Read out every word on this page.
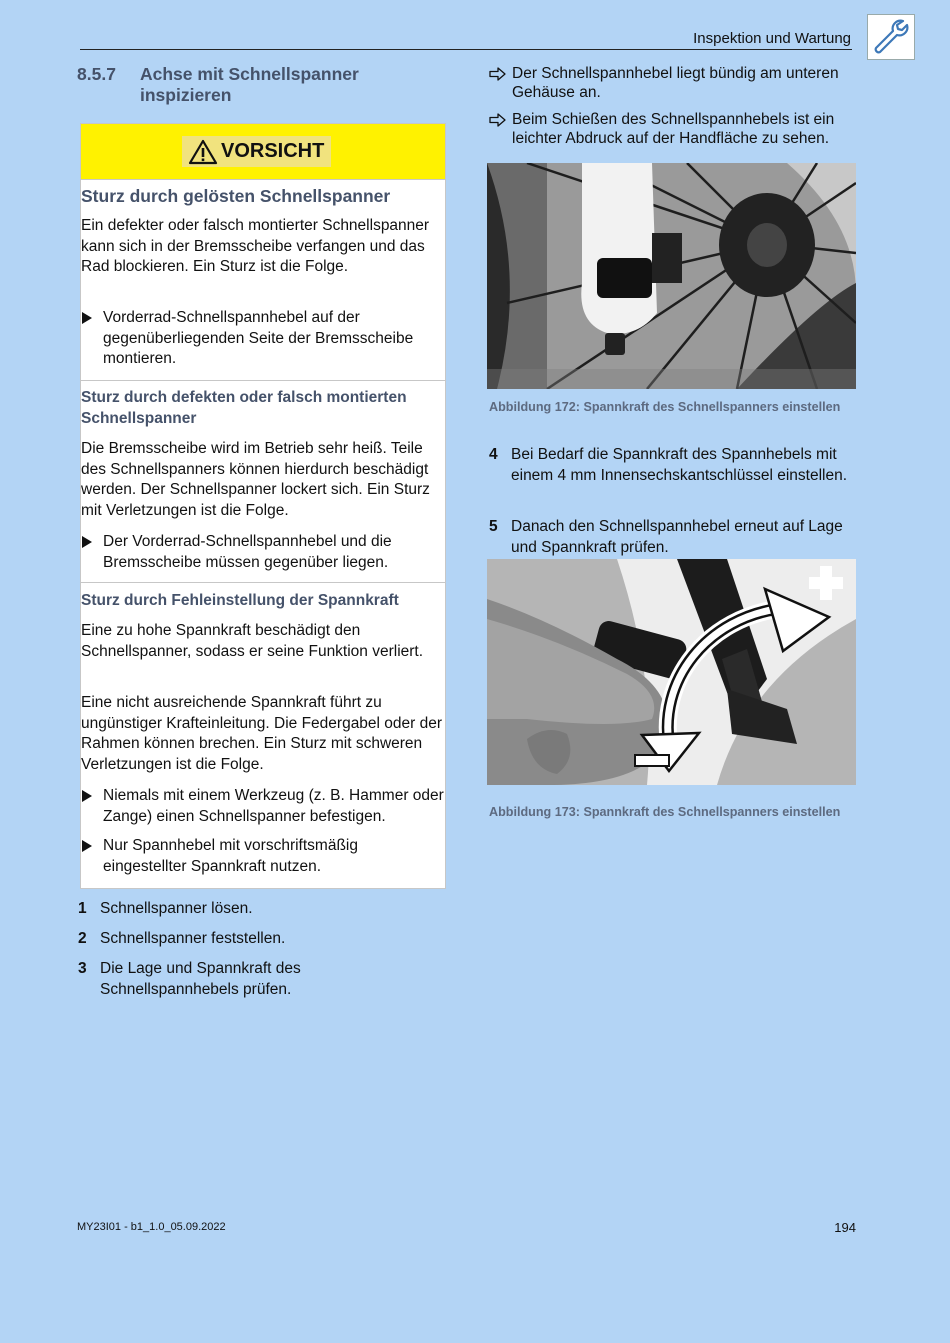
Inspektion und Wartung
8.5.7 Achse mit Schnellspanner inspizieren
VORSICHT
Sturz durch gelösten Schnellspanner
Ein defekter oder falsch montierter Schnellspanner kann sich in der Bremsscheibe verfangen und das Rad blockieren. Ein Sturz ist die Folge.
Vorderrad-Schnellspannhebel auf der gegenüberliegenden Seite der Bremsscheibe montieren.
Sturz durch defekten oder falsch montierten Schnellspanner
Die Bremsscheibe wird im Betrieb sehr heiß. Teile des Schnellspanners können hierdurch beschädigt werden. Der Schnellspanner lockert sich. Ein Sturz mit Verletzungen ist die Folge.
Der Vorderrad-Schnellspannhebel und die Bremsscheibe müssen gegenüber liegen.
Sturz durch Fehleinstellung der Spannkraft
Eine zu hohe Spannkraft beschädigt den Schnellspanner, sodass er seine Funktion verliert.
Eine nicht ausreichende Spannkraft führt zu ungünstiger Krafteinleitung. Die Federgabel oder der Rahmen können brechen. Ein Sturz mit schweren Verletzungen ist die Folge.
Niemals mit einem Werkzeug (z. B. Hammer oder Zange) einen Schnellspanner befestigen.
Nur Spannhebel mit vorschriftsmäßig eingestellter Spannkraft nutzen.
1 Schnellspanner lösen.
2 Schnellspanner feststellen.
3 Die Lage und Spannkraft des Schnellspannhebels prüfen.
Der Schnellspannhebel liegt bündig am unteren Gehäuse an.
Beim Schießen des Schnellspannhebels ist ein leichter Abdruck auf der Handfläche zu sehen.
Abbildung 172: Spannkraft des Schnellspanners einstellen
4 Bei Bedarf die Spannkraft des Spannhebels mit einem 4 mm Innensechskantschlüssel einstellen.
5 Danach den Schnellspannhebel erneut auf Lage und Spannkraft prüfen.
Abbildung 173: Spannkraft des Schnellspanners einstellen
MY23I01 - b1_1.0_05.09.2022	194
